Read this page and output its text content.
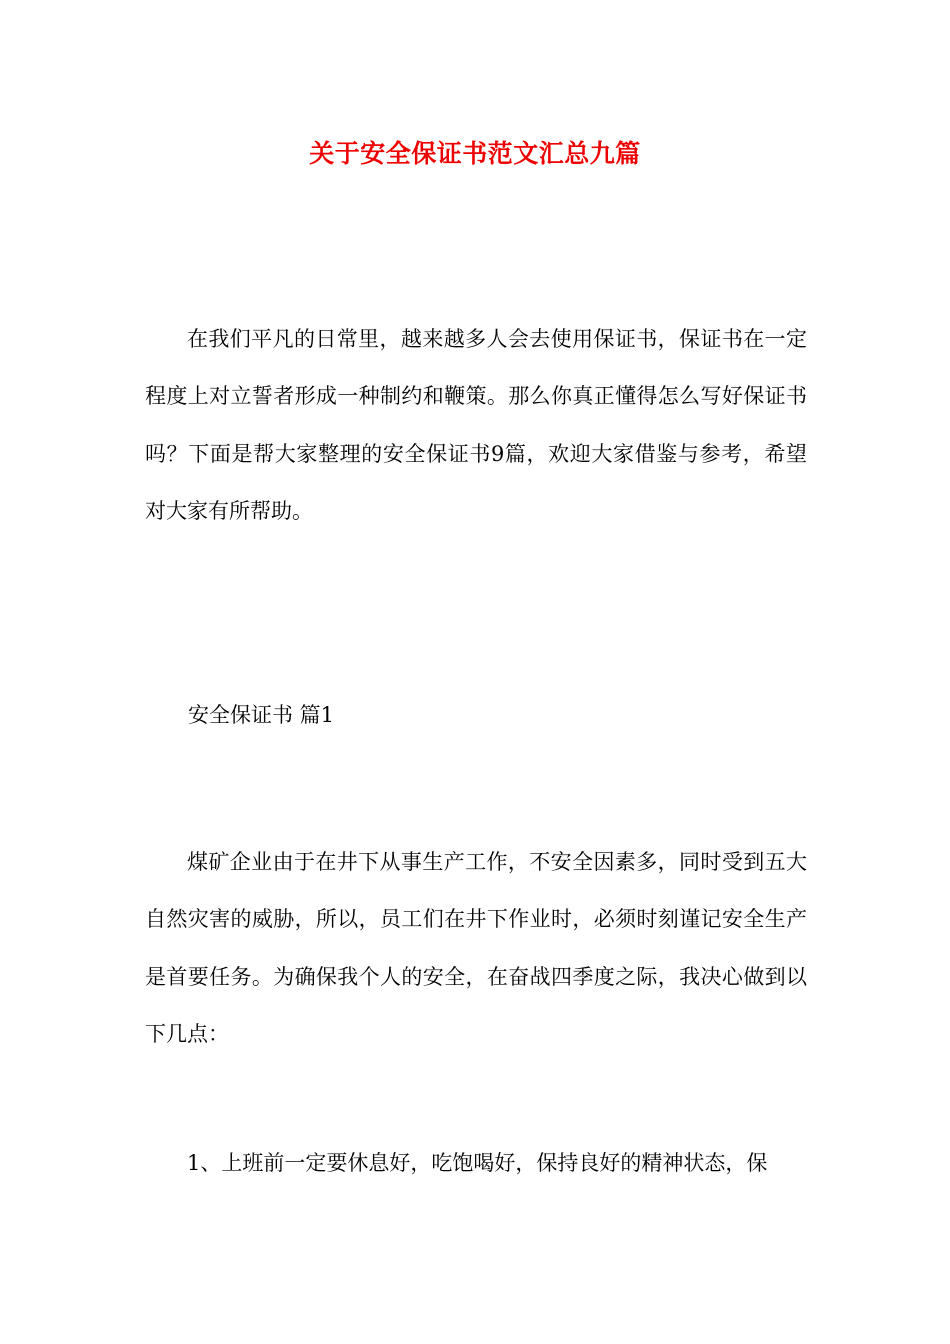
关于安全保证书范文汇总九篇

在我们平凡的日常里，越来越多人会去使用保证书，保证书在一定程度上对立誓者形成一种制约和鞭策。那么你真正懂得怎么写好保证书吗？下面是帮大家整理的安全保证书9篇，欢迎大家借鉴与参考，希望对大家有所帮助。

安全保证书 篇1

煤矿企业由于在井下从事生产工作，不安全因素多，同时受到五大自然灾害的威胁，所以，员工们在井下作业时，必须时刻谨记安全生产是首要任务。为确保我个人的安全，在奋战四季度之际，我决心做到以下几点：

1、上班前一定要休息好，吃饱喝好，保持良好的精神状态，保
